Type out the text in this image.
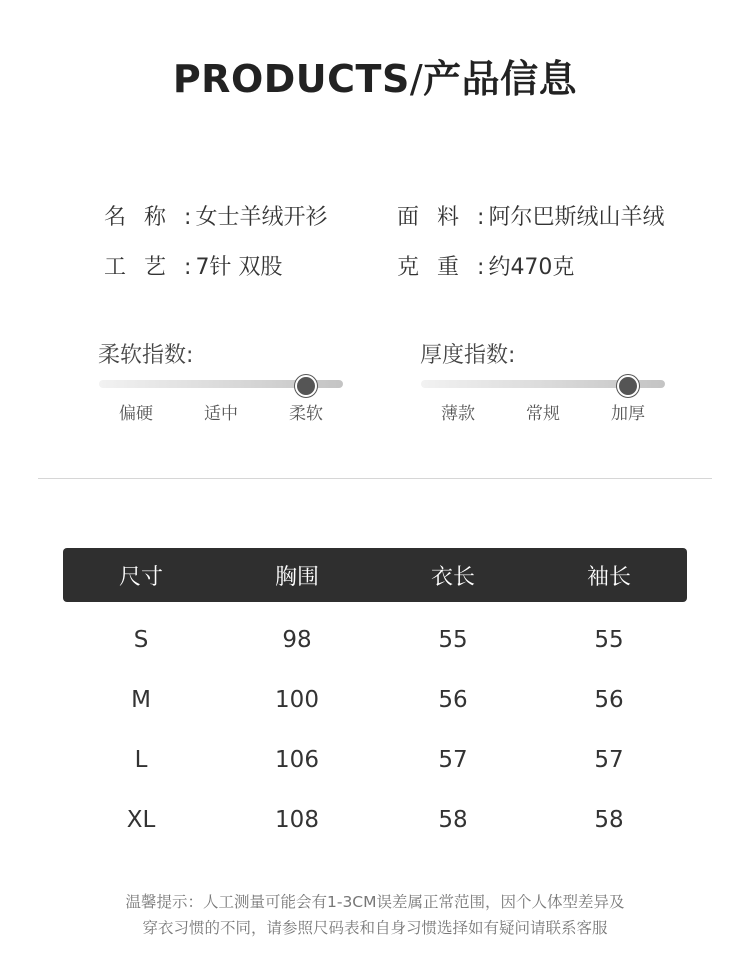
PRODUCTS/产品信息
名称: 女士羊绒开衫	面料: 阿尔巴斯绒山羊绒
工艺: 7针 双股	克重: 约470克
柔软指数:
偏硬	适中	柔软
厚度指数:
薄款	常规	加厚
尺寸	胸围	衣长	袖长
S	98	55	55
M	100	56	56
L	106	57	57
XL	108	58	58
温馨提示：人工测量可能会有1-3CM误差属正常范围，因个人体型差异及
穿衣习惯的不同，请参照尺码表和自身习惯选择如有疑问请联系客服
